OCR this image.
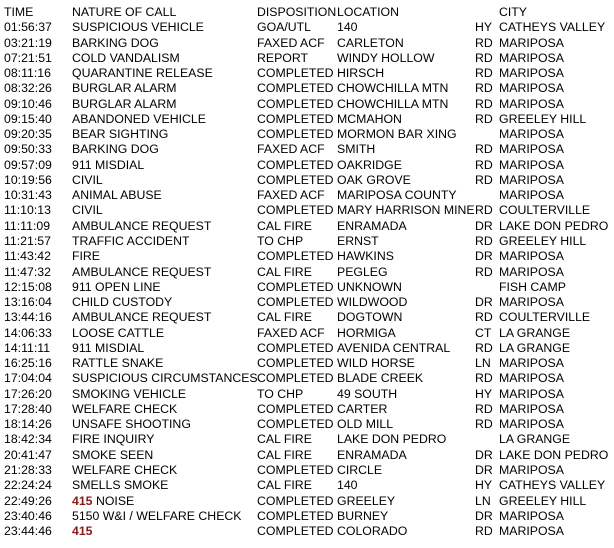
TIME	NATURE OF CALL	DISPOSITION LOCATION	CITY
01:56:37 SUSPICIOUS VEHICLE	GOA/UTL 140	HY CATHEYS VALLEY
03:21:19 BARKING DOG	FAXED ACF CARLETON	RD MARIPOSA
07:21:51 COLD VANDALISM	REPORT WINDY HOLLOW	RD MARIPOSA
08:11:16 QUARANTINE RELEASE	COMPLETED HIRSCH	RD MARIPOSA
08:32:26 BURGLAR ALARM	COMPLETED CHOWCHILLA MTN RD MARIPOSA
09:10:46 BURGLAR ALARM	COMPLETED CHOWCHILLA MTN RD MARIPOSA
09:15:40 ABANDONED VEHICLE	COMPLETED MCMAHON	RD GREELEY HILL
09:20:35 BEAR SIGHTING	COMPLETED MORMON BAR XING	MARIPOSA
09:50:33 BARKING DOG	FAXED ACF SMITH	RD MARIPOSA
09:57:09 911 MISDIAL	COMPLETED OAKRIDGE	RD MARIPOSA
10:19:56 CIVIL	COMPLETED OAK GROVE	RD MARIPOSA
10:31:43 ANIMAL ABUSE	FAXED ACF MARIPOSA COUNTY	MARIPOSA
11:10:13 CIVIL	COMPLETED MARY HARRISON MINE RD COULTERVILLE
11:11:09 AMBULANCE REQUEST	CAL FIRE ENRAMADA	DR LAKE DON PEDRO
11:21:57 TRAFFIC ACCIDENT	TO CHP	ERNST	RD GREELEY HILL
11:43:42 FIRE	COMPLETED HAWKINS	DR MARIPOSA
11:47:32 AMBULANCE REQUEST	CAL FIRE PEGLEG	RD MARIPOSA
12:15:08 911 OPEN LINE	COMPLETED UNKNOWN	FISH CAMP
13:16:04 CHILD CUSTODY	COMPLETED WILDWOOD	DR MARIPOSA
13:44:16 AMBULANCE REQUEST	CAL FIRE DOGTOWN	RD COULTERVILLE
14:06:33 LOOSE CATTLE	FAXED ACF HORMIGA	CT LA GRANGE
14:11:11 911 MISDIAL	COMPLETED AVENIDA CENTRAL RD LA GRANGE
16:25:16 RATTLE SNAKE	COMPLETED WILD HORSE	LN MARIPOSA
17:04:04 SUSPICIOUS CIRCUMSTANCES COMPLETED BLADE CREEK	RD MARIPOSA
17:26:20 SMOKING VEHICLE	TO CHP	49 SOUTH	HY MARIPOSA
17:28:40 WELFARE CHECK	COMPLETED CARTER	RD MARIPOSA
18:14:26 UNSAFE SHOOTING	COMPLETED OLD MILL	RD MARIPOSA
18:42:34 FIRE INQUIRY	CAL FIRE LAKE DON PEDRO	LA GRANGE
20:41:47 SMOKE SEEN	CAL FIRE ENRAMADA	DR LAKE DON PEDRO
21:28:33 WELFARE CHECK	COMPLETED CIRCLE	DR MARIPOSA
22:24:24 SMELLS SMOKE	CAL FIRE 140	HY CATHEYS VALLEY
22:49:26 415 NOISE	COMPLETED GREELEY	LN GREELEY HILL
23:40:46 5150 W&I / WELFARE CHECK COMPLETED BURNEY	DR MARIPOSA
23:44:46 415	COMPLETED COLORADO	RD MARIPOSA
